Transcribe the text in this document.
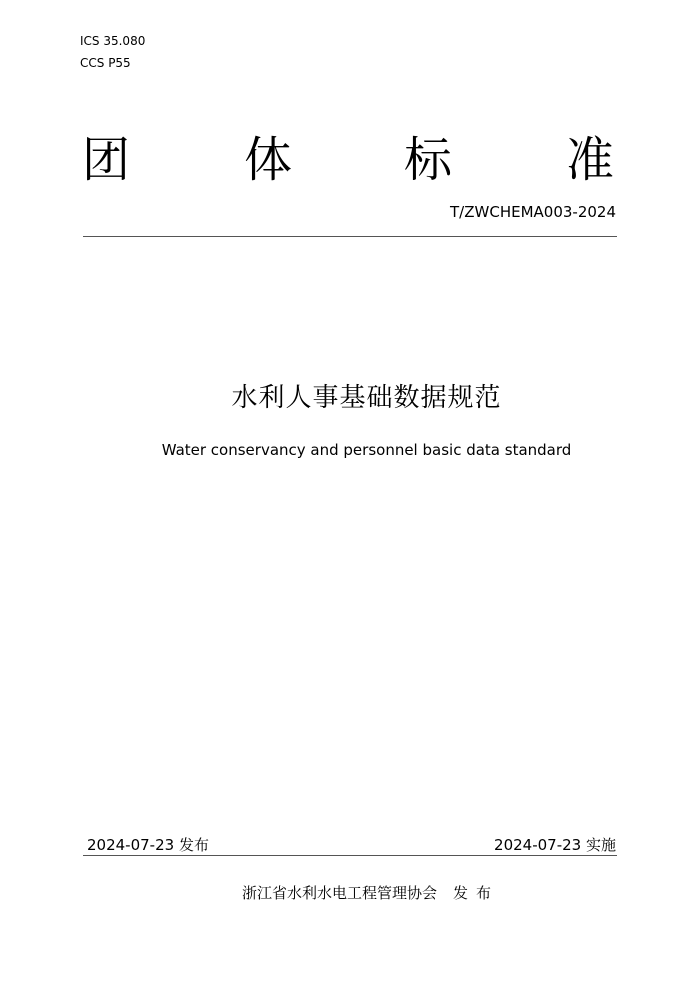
ICS 35.080
CCS P55
团 体 标 准
T/ZWCHEMA003-2024
水利人事基础数据规范
Water conservancy and personnel basic data standard
2024-07-23 发布	2024-07-23 实施
浙江省水利水电工程管理协会 发 布
